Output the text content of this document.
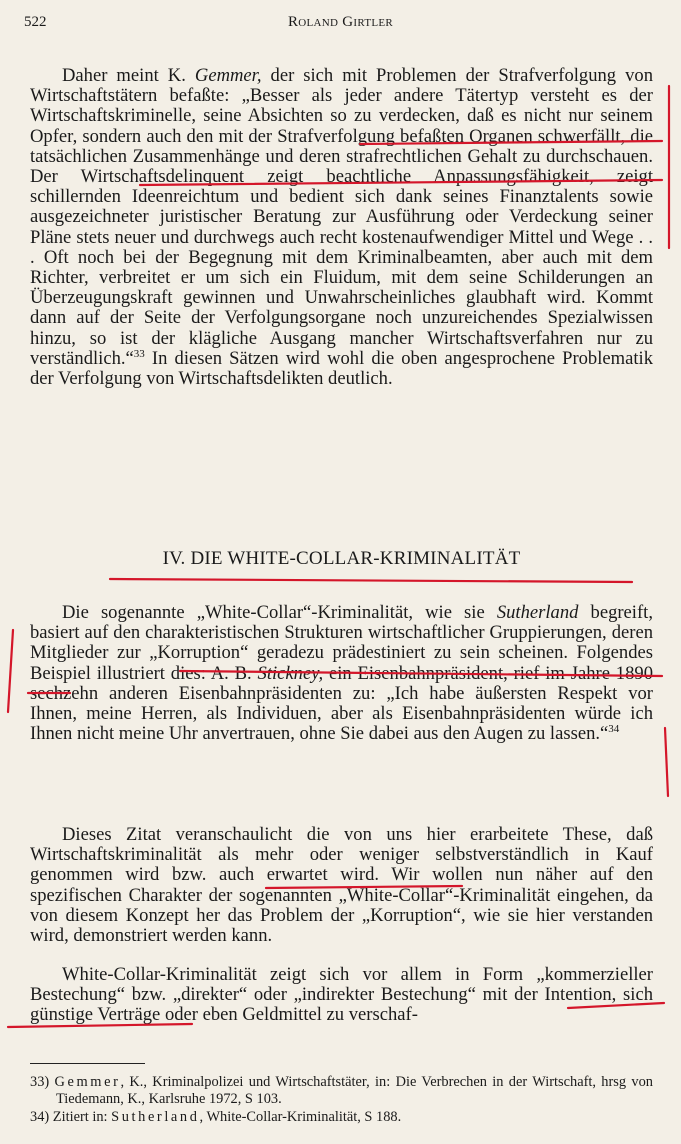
522	Roland Girtler

Daher meint K. Gemmer, der sich mit Problemen der Strafverfolgung von Wirtschaftstätern befaßte: „Besser als jeder andere Tätertyp versteht es der Wirtschaftskriminelle, seine Absichten so zu verdecken, daß es nicht nur seinem Opfer, sondern auch den mit der Strafverfolgung befaßten Organen schwerfällt, die tatsächlichen Zusammenhänge und deren strafrechtlichen Gehalt zu durchschauen. Der Wirtschaftsdelinquent zeigt beachtliche Anpassungsfähigkeit, zeigt schillernden Ideenreichtum und bedient sich dank seines Finanztalents sowie ausgezeichneter juristischer Beratung zur Ausführung oder Verdeckung seiner Pläne stets neuer und durchwegs auch recht kostenaufwendiger Mittel und Wege . . . Oft noch bei der Begegnung mit dem Kriminalbeamten, aber auch mit dem Richter, verbreitet er um sich ein Fluidum, mit dem seine Schilderungen an Überzeugungskraft gewinnen und Unwahrscheinliches glaubhaft wird. Kommt dann auf der Seite der Verfolgungsorgane noch unzureichendes Spezialwissen hinzu, so ist der klägliche Ausgang mancher Wirtschaftsverfahren nur zu verständlich.“$^{33}$ In diesen Sätzen wird wohl die oben angesprochene Problematik der Verfolgung von Wirtschaftsdelikten deutlich.

IV. DIE WHITE-COLLAR-KRIMINALITÄT

Die sogenannte „White-Collar“-Kriminalität, wie sie Sutherland begreift, basiert auf den charakteristischen Strukturen wirtschaftlicher Gruppierungen, deren Mitglieder zur „Korruption“ geradezu prädestiniert zu sein scheinen. Folgendes Beispiel illustriert dies: A. B. Stickney, ein Eisenbahnpräsident, rief im Jahre 1890 sechzehn anderen Eisenbahnpräsidenten zu: „Ich habe äußersten Respekt vor Ihnen, meine Herren, als Individuen, aber als Eisenbahnpräsidenten würde ich Ihnen nicht meine Uhr anvertrauen, ohne Sie dabei aus den Augen zu lassen.“$^{34}$

Dieses Zitat veranschaulicht die von uns hier erarbeitete These, daß Wirtschaftskriminalität als mehr oder weniger selbstverständlich in Kauf genommen wird bzw. auch erwartet wird. Wir wollen nun näher auf den spezifischen Charakter der sogenannten „White-Collar“-Kriminalität eingehen, da von diesem Konzept her das Problem der „Korruption“, wie sie hier verstanden wird, demonstriert werden kann.

White-Collar-Kriminalität zeigt sich vor allem in Form „kommerzieller Bestechung“ bzw. „direkter“ oder „indirekter Bestechung“ mit der Intention, sich günstige Verträge oder eben Geldmittel zu verschaf-

33) Gemmer, K., Kriminalpolizei und Wirtschaftstäter, in: Die Verbrechen in der Wirtschaft, hrsg von Tiedemann, K., Karlsruhe 1972, S 103.

34) Zitiert in: Sutherland, White-Collar-Kriminalität, S 188.
